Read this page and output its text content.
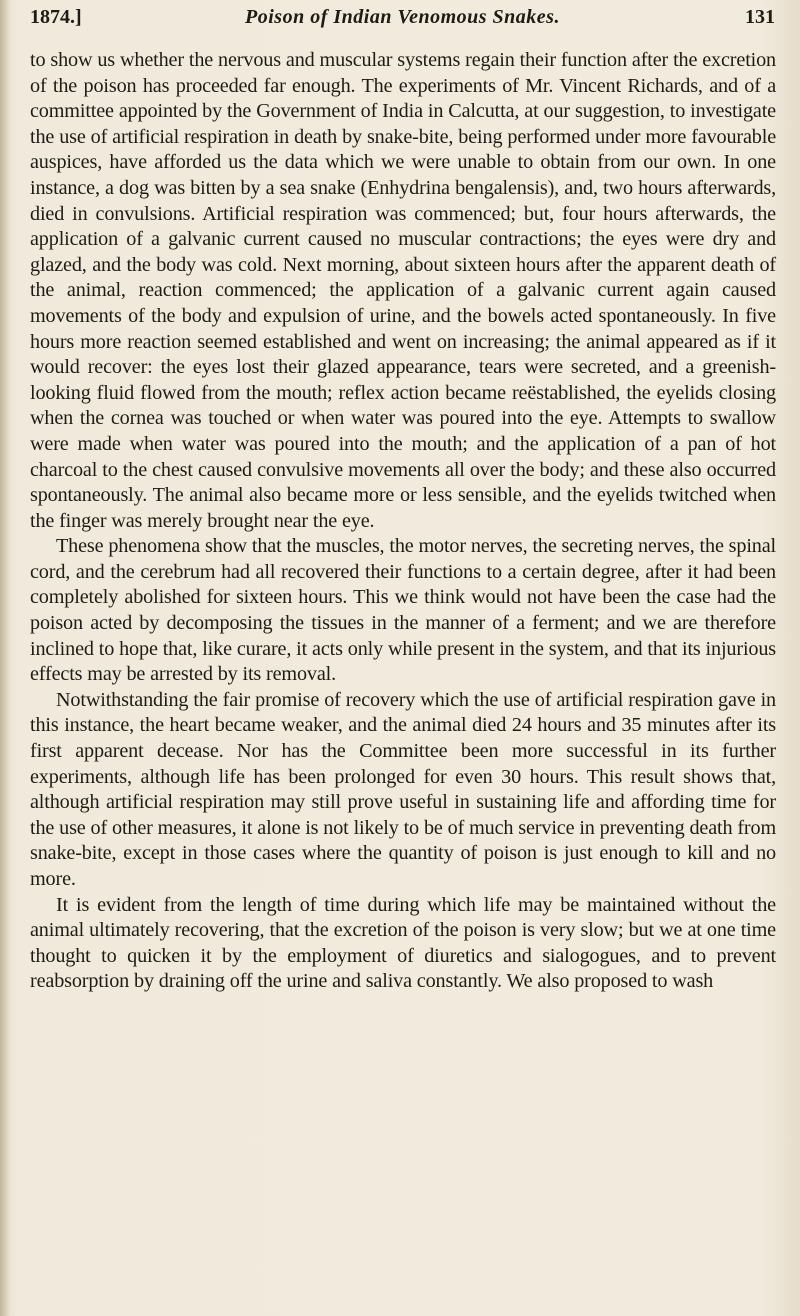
1874.]	Poison of Indian Venomous Snakes.	131

to show us whether the nervous and muscular systems regain their function after the excretion of the poison has proceeded far enough. The experiments of Mr. Vincent Richards, and of a committee appointed by the Government of India in Calcutta, at our suggestion, to investigate the use of artificial respiration in death by snake-bite, being performed under more favourable auspices, have afforded us the data which we were unable to obtain from our own. In one instance, a dog was bitten by a sea snake (Enhydrina bengalensis), and, two hours afterwards, died in convulsions. Artificial respiration was commenced; but, four hours afterwards, the application of a galvanic current caused no muscular contractions; the eyes were dry and glazed, and the body was cold. Next morning, about sixteen hours after the apparent death of the animal, reaction commenced; the application of a galvanic current again caused movements of the body and expulsion of urine, and the bowels acted spontaneously. In five hours more reaction seemed established and went on increasing; the animal appeared as if it would recover: the eyes lost their glazed appearance, tears were secreted, and a greenish-looking fluid flowed from the mouth; reflex action became reëstablished, the eyelids closing when the cornea was touched or when water was poured into the eye. Attempts to swallow were made when water was poured into the mouth; and the application of a pan of hot charcoal to the chest caused convulsive movements all over the body; and these also occurred spontaneously. The animal also became more or less sensible, and the eyelids twitched when the finger was merely brought near the eye.

These phenomena show that the muscles, the motor nerves, the secreting nerves, the spinal cord, and the cerebrum had all recovered their functions to a certain degree, after it had been completely abolished for sixteen hours. This we think would not have been the case had the poison acted by decomposing the tissues in the manner of a ferment; and we are therefore inclined to hope that, like curare, it acts only while present in the system, and that its injurious effects may be arrested by its removal.

Notwithstanding the fair promise of recovery which the use of artificial respiration gave in this instance, the heart became weaker, and the animal died 24 hours and 35 minutes after its first apparent decease. Nor has the Committee been more successful in its further experiments, although life has been prolonged for even 30 hours. This result shows that, although artificial respiration may still prove useful in sustaining life and affording time for the use of other measures, it alone is not likely to be of much service in preventing death from snake-bite, except in those cases where the quantity of poison is just enough to kill and no more.

It is evident from the length of time during which life may be maintained without the animal ultimately recovering, that the excretion of the poison is very slow; but we at one time thought to quicken it by the employment of diuretics and sialogogues, and to prevent reabsorption by draining off the urine and saliva constantly. We also proposed to wash
